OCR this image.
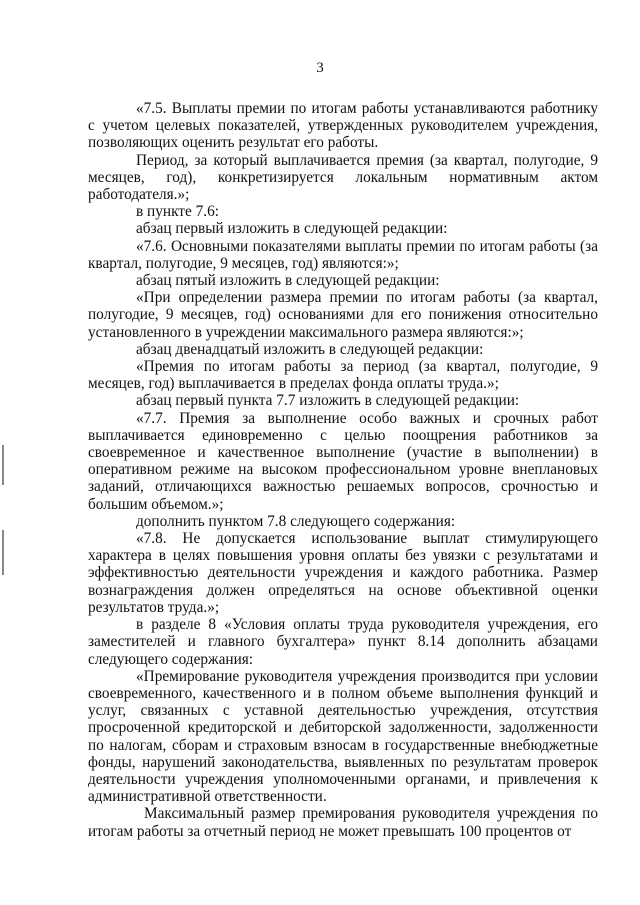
3

«7.5. Выплаты премии по итогам работы устанавливаются работнику с учетом целевых показателей, утвержденных руководителем учреждения, позволяющих оценить результат его работы.

Период, за который выплачивается премия (за квартал, полугодие, 9 месяцев, год), конкретизируется локальным нормативным актом работодателя.»;

в пункте 7.6:

абзац первый изложить в следующей редакции:

«7.6. Основными показателями выплаты премии по итогам работы (за квартал, полугодие, 9 месяцев, год) являются:»;

абзац пятый изложить в следующей редакции:

«При определении размера премии по итогам работы (за квартал, полугодие, 9 месяцев, год) основаниями для его понижения относительно установленного в учреждении максимального размера являются:»;

абзац двенадцатый изложить в следующей редакции:

«Премия по итогам работы за период (за квартал, полугодие, 9 месяцев, год) выплачивается в пределах фонда оплаты труда.»;

абзац первый пункта 7.7 изложить в следующей редакции:

«7.7. Премия за выполнение особо важных и срочных работ выплачивается единовременно с целью поощрения работников за своевременное и качественное выполнение (участие в выполнении) в оперативном режиме на высоком профессиональном уровне внеплановых заданий, отличающихся важностью решаемых вопросов, срочностью и большим объемом.»;

дополнить пунктом 7.8 следующего содержания:

«7.8. Не допускается использование выплат стимулирующего характера в целях повышения уровня оплаты без увязки с результатами и эффективностью деятельности учреждения и каждого работника. Размер вознаграждения должен определяться на основе объективной оценки результатов труда.»;

в разделе 8 «Условия оплаты труда руководителя учреждения, его заместителей и главного бухгалтера» пункт 8.14 дополнить абзацами следующего содержания:

«Премирование руководителя учреждения производится при условии своевременного, качественного и в полном объеме выполнения функций и услуг, связанных с уставной деятельностью учреждения, отсутствия просроченной кредиторской и дебиторской задолженности, задолженности по налогам, сборам и страховым взносам в государственные внебюджетные фонды, нарушений законодательства, выявленных по результатам проверок деятельности учреждения уполномоченными органами, и привлечения к административной ответственности.

Максимальный размер премирования руководителя учреждения по итогам работы за отчетный период не может превышать 100 процентов от
